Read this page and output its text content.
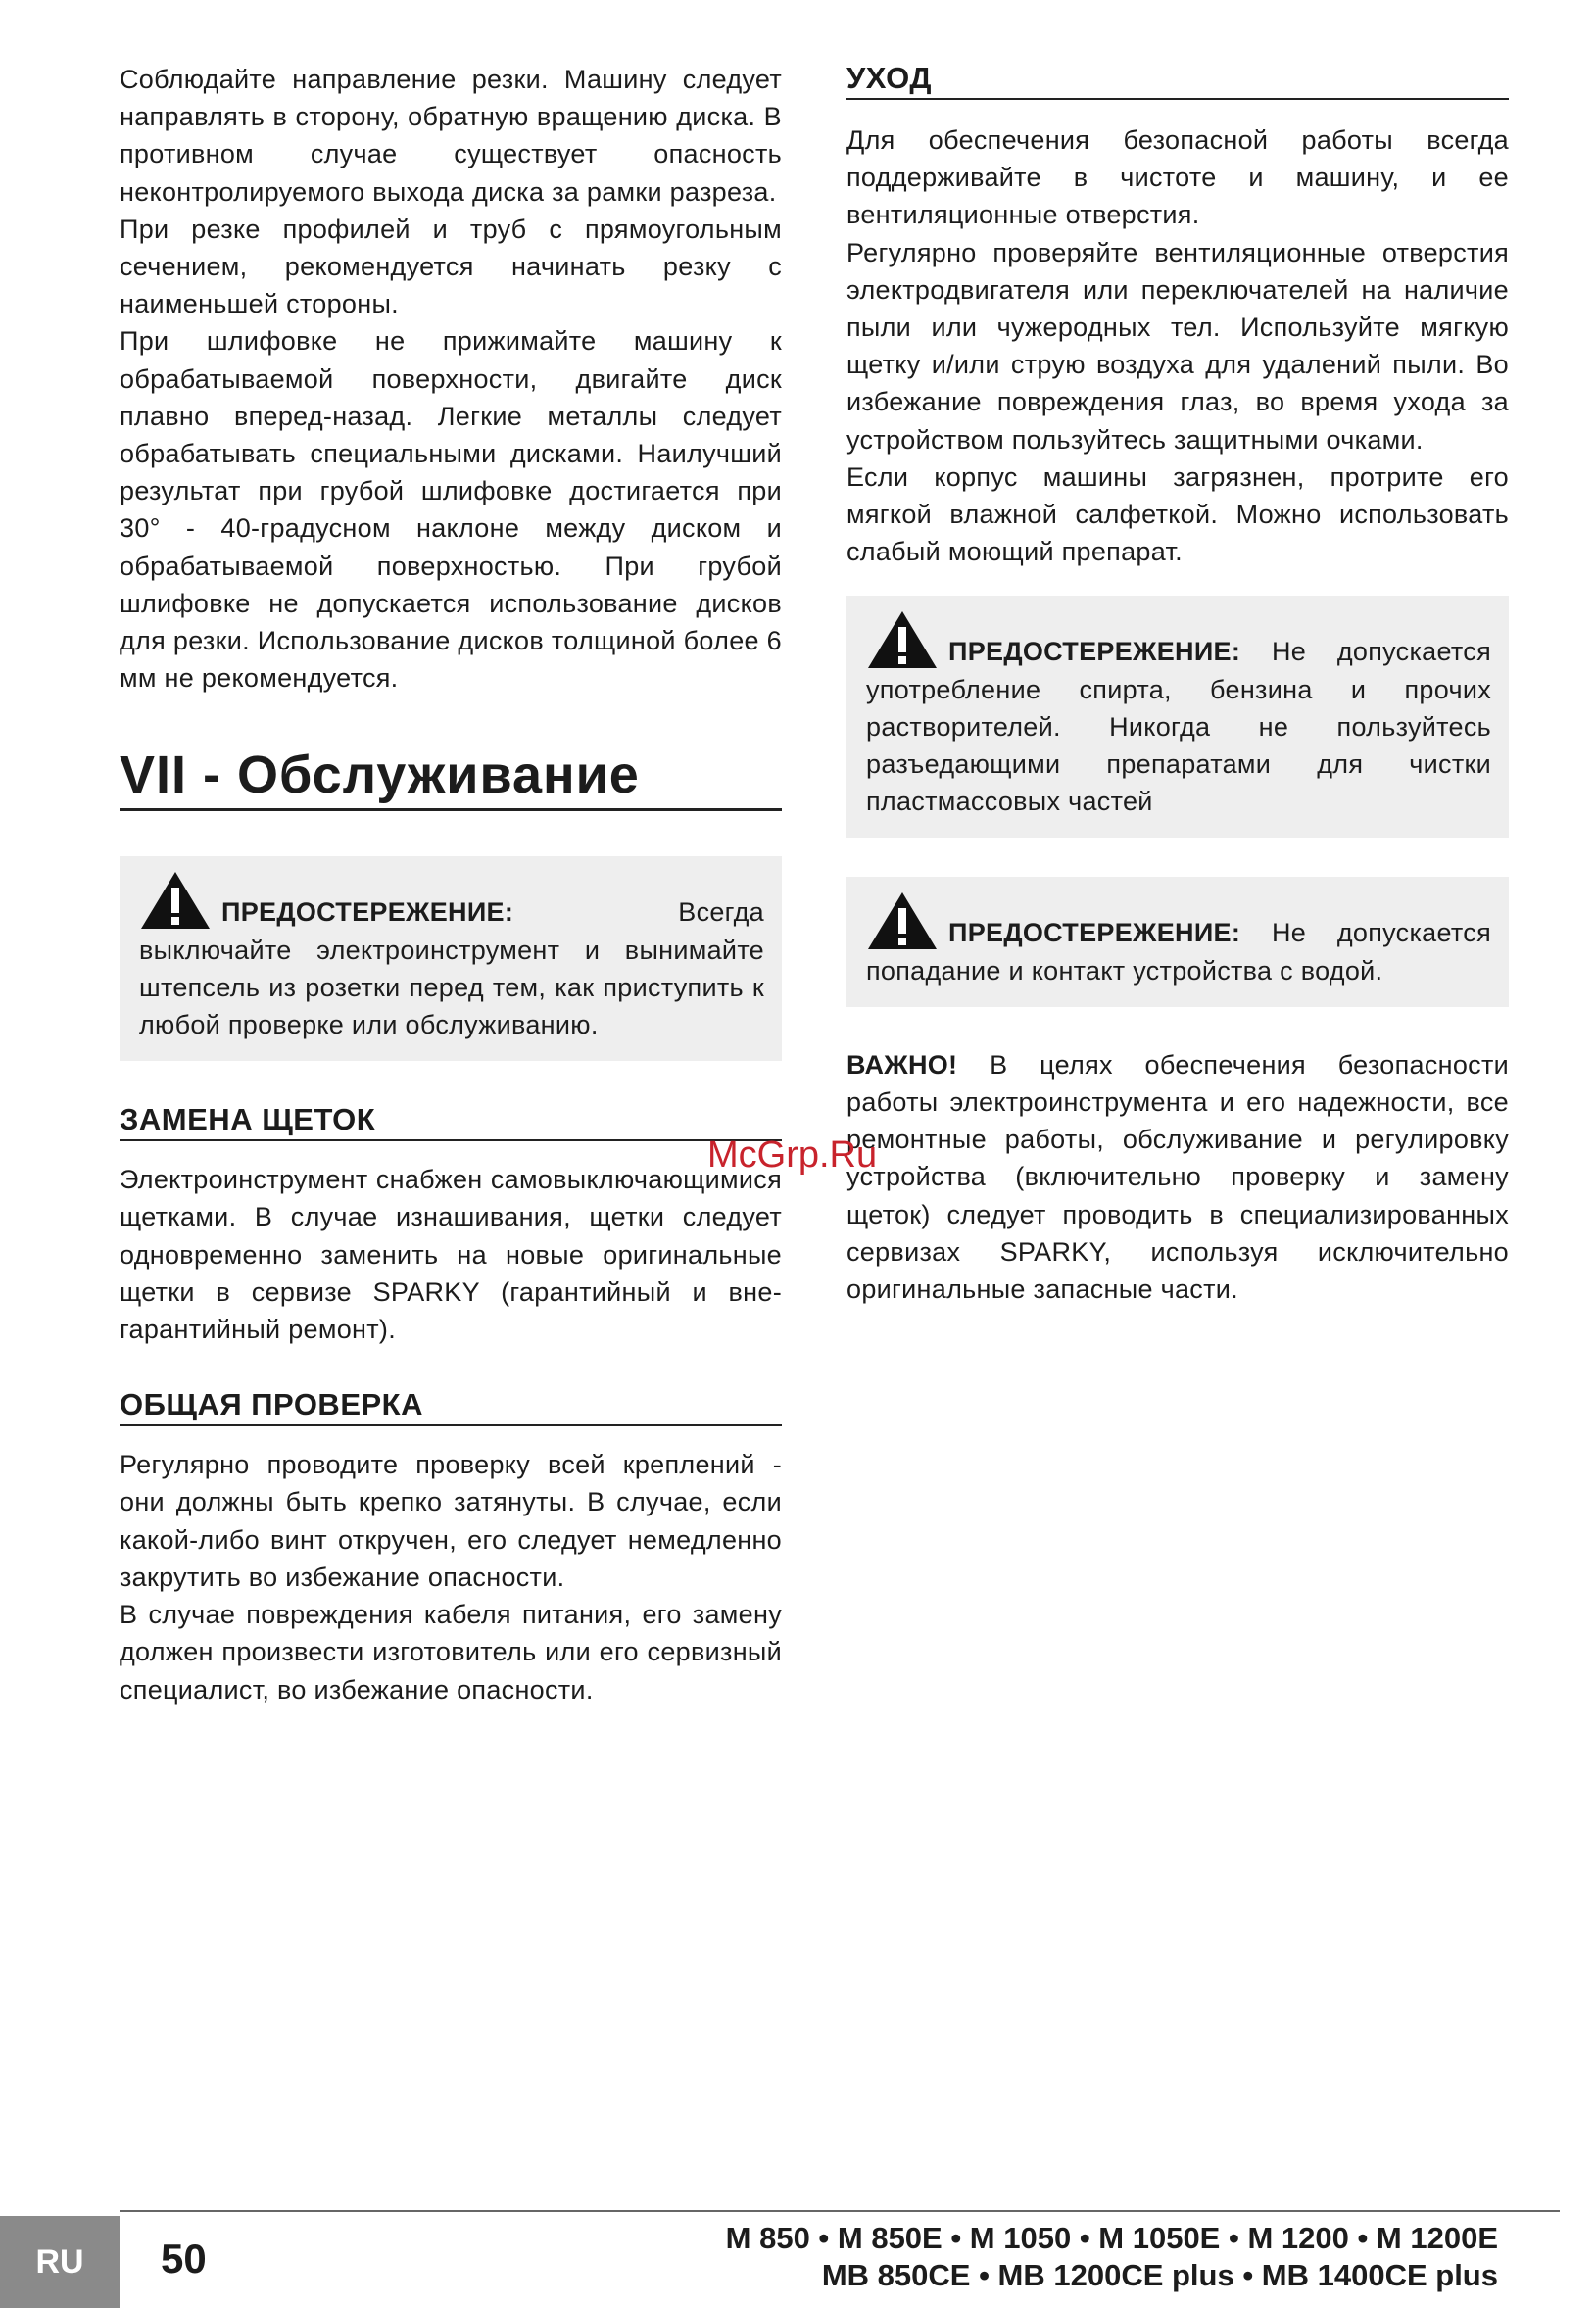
Соблюдайте направление резки. Машину следует направлять в сторону, обратную вращению диска. В противном случае существует опасность неконтролируемого выхода диска за рамки разреза.

При резке профилей и труб с прямоугольным сечением, рекомендуется начинать резку с наименьшей стороны.

При шлифовке не прижимайте машину к обрабатываемой поверхности, двигайте диск плавно вперед-назад. Легкие металлы следует обрабатывать специальными дисками. Наилучший результат при грубой шлифовке достигается при 30° - 40-градусном наклоне между диском и обрабатываемой поверхностью. При грубой шлифовке не допускается использование дисков для резки. Использование дисков толщиной более 6 мм не рекомендуется.

VII - Обслуживание

ПРЕДОСТЕРЕЖЕНИЕ: Всегда выключайте электроинструмент и вынимайте штепсель из розетки перед тем, как приступить к любой проверке или обслуживанию.

ЗАМЕНА ЩЕТОК

Электроинструмент снабжен самовыключающимися щетками. В случае изнашивания, щетки следует одновременно заменить на новые оригинальные щетки в сервизе SPARKY (гарантийный и вне-гарантийный ремонт).

ОБЩАЯ ПРОВЕРКА

Регулярно проводите проверку всей креплений - они должны быть крепко затянуты. В случае, если какой-либо винт откручен, его следует немедленно закрутить во избежание опасности.

В случае повреждения кабеля питания, его замену должен произвести изготовитель или его сервизный специалист, во избежание опасности.

УХОД

Для обеспечения безопасной работы всегда поддерживайте в чистоте и машину, и ее вентиляционные отверстия.

Регулярно проверяйте вентиляционные отверстия электродвигателя или переключателей на наличие пыли или чужеродных тел. Используйте мягкую щетку и/или струю воздуха для удалений пыли. Во избежание повреждения глаз, во время ухода за устройством пользуйтесь защитными очками.

Если корпус машины загрязнен, протрите его мягкой влажной салфеткой. Можно использовать слабый моющий препарат.

ПРЕДОСТЕРЕЖЕНИЕ: Не допускается употребление спирта, бензина и прочих растворителей. Никогда не пользуйтесь разъедающими препаратами для чистки пластмассовых частей

ПРЕДОСТЕРЕЖЕНИЕ: Не допускается попадание и контакт устройства с водой.

ВАЖНО! В целях обеспечения безопасности работы электроинструмента и его надежности, все ремонтные работы, обслуживание и регулировку устройства (включительно проверку и замену щеток) следует проводить в специализированных сервизах SPARKY, используя исключительно оригинальные запасные части.

McGrp.Ru
RU	50	M 850 • M 850E • M 1050 • M 1050E • M 1200 • M 1200E
MB 850CE • MB 1200CE plus • MB 1400CE plus
